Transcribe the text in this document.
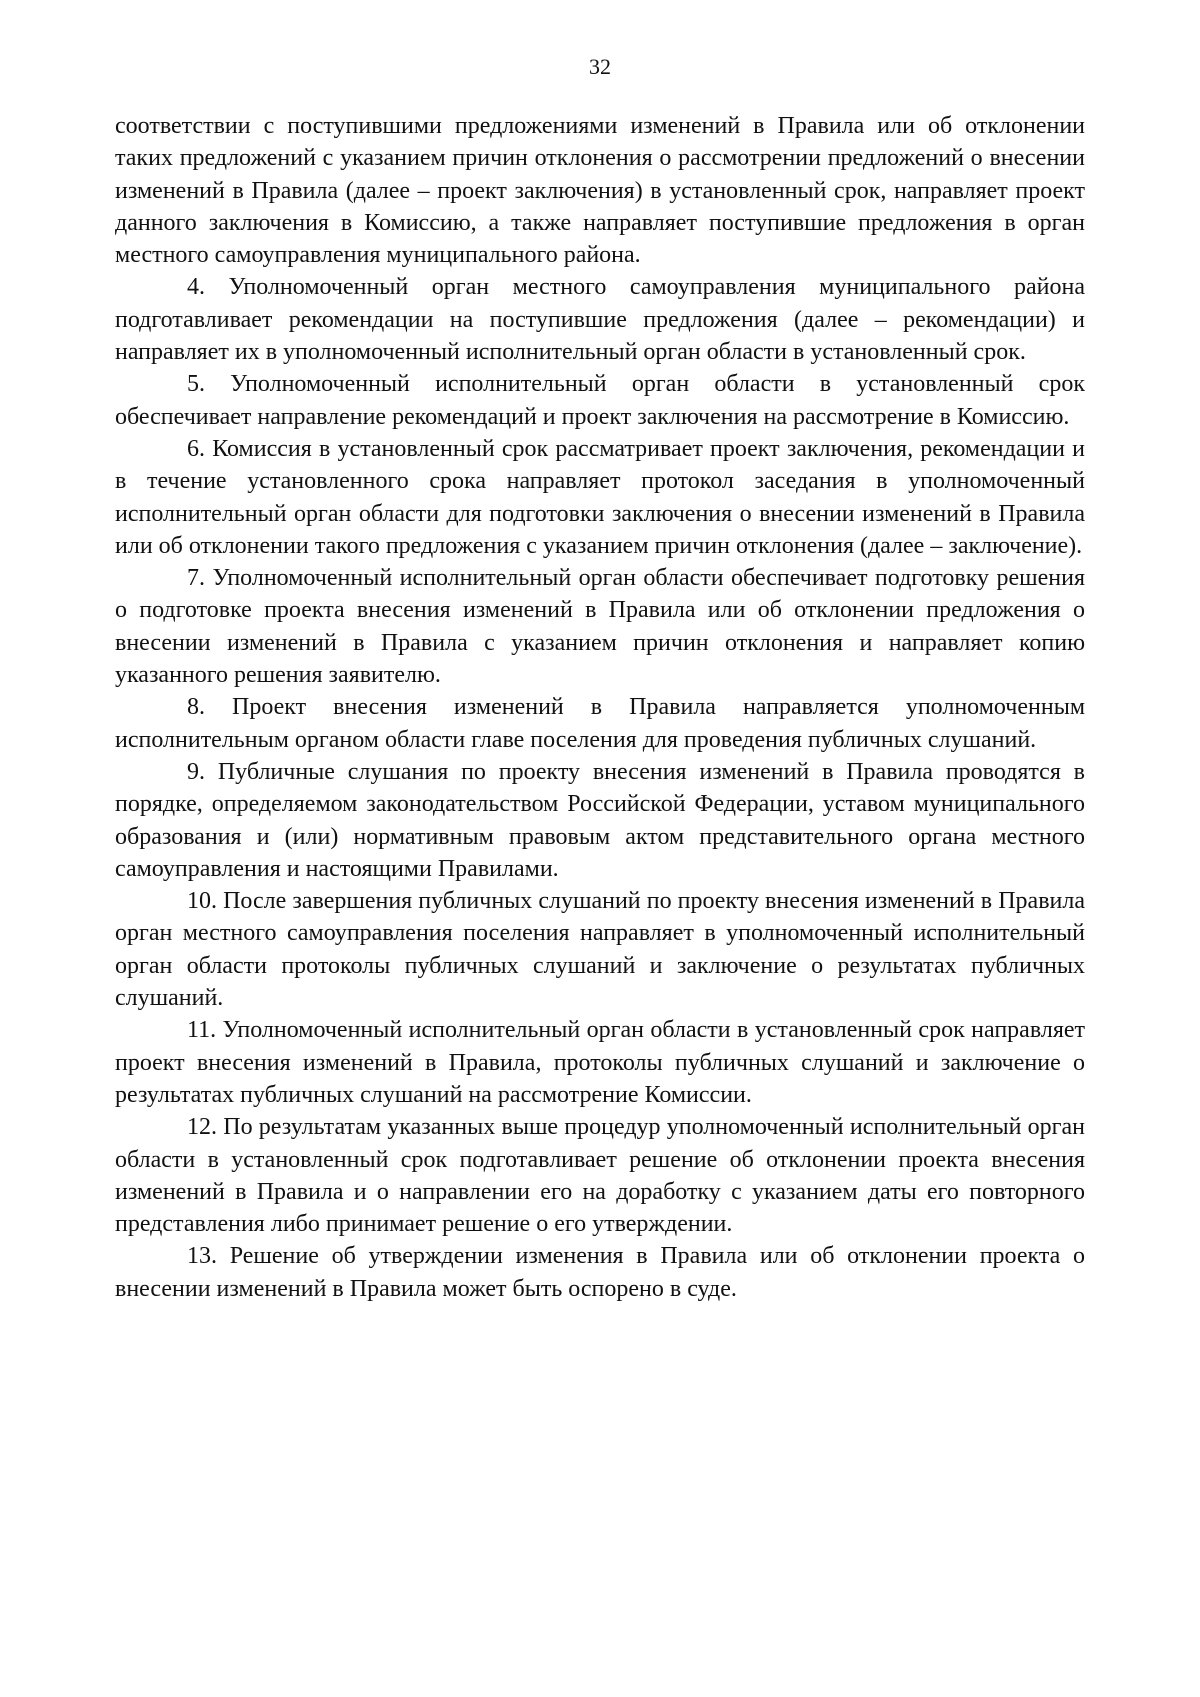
32

соответствии с поступившими предложениями изменений в Правила или об отклонении таких предложений с указанием причин отклонения о рассмотрении предложений о внесении изменений в Правила (далее – проект заключения) в установленный срок, направляет проект данного заключения в Комиссию, а также направляет поступившие предложения в орган местного самоуправления муниципального района.

4. Уполномоченный орган местного самоуправления муниципального района подготавливает рекомендации на поступившие предложения (далее – рекомендации) и направляет их в уполномоченный исполнительный орган области в установленный срок.

5. Уполномоченный исполнительный орган области в установленный срок обеспечивает направление рекомендаций и проект заключения на рассмотрение в Комиссию.

6. Комиссия в установленный срок рассматривает проект заключения, рекомендации и в течение установленного срока направляет протокол заседания в уполномоченный исполнительный орган области для подготовки заключения о внесении изменений в Правила или об отклонении такого предложения с указанием причин отклонения (далее – заключение).

7. Уполномоченный исполнительный орган области обеспечивает подготовку решения о подготовке проекта внесения изменений в Правила или об отклонении предложения о внесении изменений в Правила с указанием причин отклонения и направляет копию указанного решения заявителю.

8. Проект внесения изменений в Правила направляется уполномоченным исполнительным органом области главе поселения для проведения публичных слушаний.

9. Публичные слушания по проекту внесения изменений в Правила проводятся в порядке, определяемом законодательством Российской Федерации, уставом муниципального образования и (или) нормативным правовым актом представительного органа местного самоуправления и настоящими Правилами.

10. После завершения публичных слушаний по проекту внесения изменений в Правила орган местного самоуправления поселения направляет в уполномоченный исполнительный орган области протоколы публичных слушаний и заключение о результатах публичных слушаний.

11. Уполномоченный исполнительный орган области в установленный срок направляет проект внесения изменений в Правила, протоколы публичных слушаний и заключение о результатах публичных слушаний на рассмотрение Комиссии.

12. По результатам указанных выше процедур уполномоченный исполнительный орган области в установленный срок подготавливает решение об отклонении проекта внесения изменений в Правила и о направлении его на доработку с указанием даты его повторного представления либо принимает решение о его утверждении.

13. Решение об утверждении изменения в Правила или об отклонении проекта о внесении изменений в Правила может быть оспорено в суде.
